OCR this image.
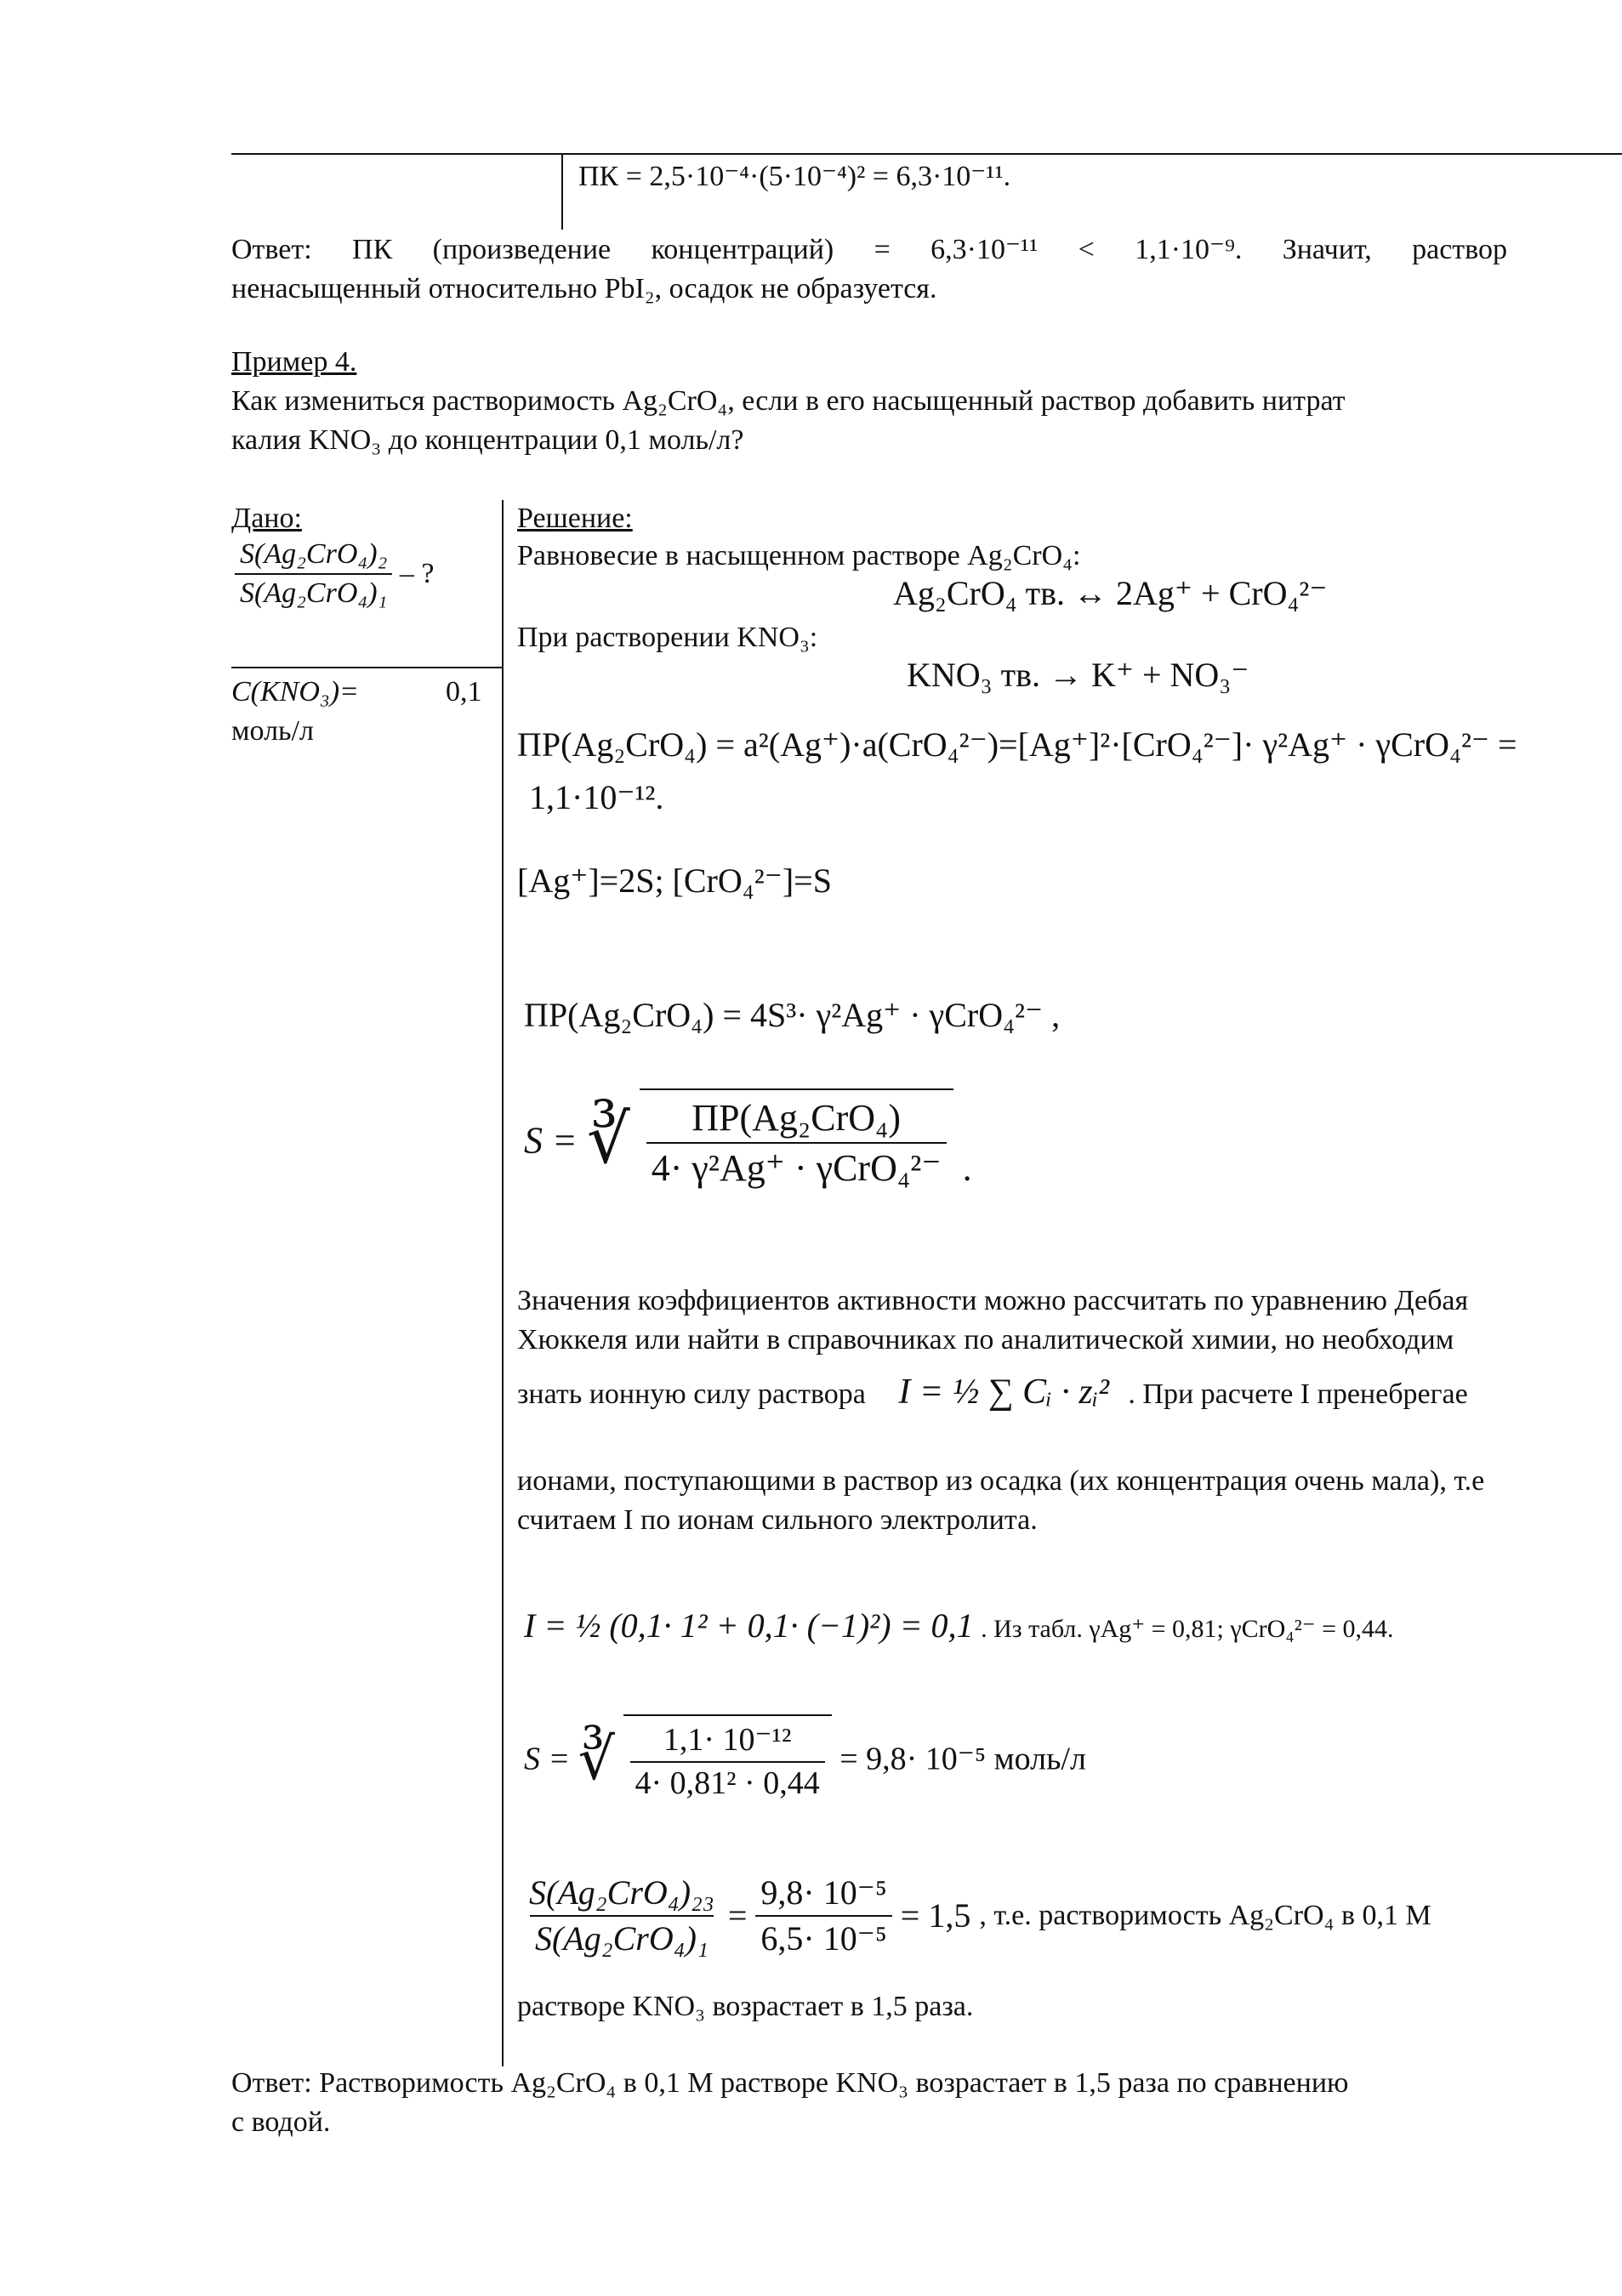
ПК = 2,5·10⁻⁴·(5·10⁻⁴)² = 6,3·10⁻¹¹.
Ответ: ПК (произведение концентраций) = 6,3·10⁻¹¹ < 1,1·10⁻⁹. Значит, раствор
ненасыщенный относительно PbI₂, осадок не образуется.
Пример 4.
Как измениться растворимость Ag₂CrO₄, если в его насыщенный раствор добавить нитрат
калия KNO₃ до концентрации 0,1 моль/л?
Дано:
$\frac{\text{S(Ag₂CrO₄)₂}}{\text{S(Ag₂CrO₄)₁}}$ – ?
C(KNO₃)=	0,1
моль/л
Решение:
Равновесие в насыщенном растворе Ag₂CrO₄:
Ag₂CrO₄ тв. ↔ 2Ag⁺ + CrO₄²⁻
При растворении KNO₃:
KNO₃ тв. → K⁺ + NO₃⁻
ПР(Ag₂CrO₄) = a²(Ag⁺)·a(CrO₄²⁻)=[Ag⁺]²·[CrO₄²⁻]· γ²Ag⁺ · γCrO₄²⁻ =
1,1·10⁻¹².
[Ag⁺]=2S; [CrO₄²⁻]=S
ПР(Ag₂CrO₄) = 4S³· γ²Ag⁺ · γCrO₄²⁻ ,
S = ∛ $\frac{\text{ПР(Ag₂CrO₄)}}{\text{4· γ²Ag⁺ · γCrO₄²⁻}}$ .
Значения коэффициентов активности можно рассчитать по уравнению Дебая
Хюккеля или найти в справочниках по аналитической химии, но необходим
знать ионную силу раствора I = ½ ∑ Cᵢ · zᵢ² . При расчете I пренебрегае
ионами, поступающими в раствор из осадка (их концентрация очень мала), т.е
считаем I по ионам сильного электролита.
I = ½ (0,1· 1² + 0,1· (−1)²) = 0,1 . Из табл. γAg⁺ = 0,81; γCrO₄²⁻ = 0,44.
S = ∛ $\frac{\text{1,1· 10⁻¹²}}{\text{4· 0,81² · 0,44}} = 9,8\cdot 10^{-5}$ моль/л
$\frac{\text{S(Ag₂CrO₄)₂₃}}{\text{S(Ag₂CrO₄)₁}} = \frac{\text{9,8· 10⁻⁵}}{\text{6,5· 10⁻⁵}} = 1,5$ , т.е. растворимость Ag₂CrO₄ в 0,1 М
растворе KNO₃ возрастает в 1,5 раза.
Ответ: Растворимость Ag₂CrO₄ в 0,1 М растворе KNO₃ возрастает в 1,5 раза по сравнению
с водой.
